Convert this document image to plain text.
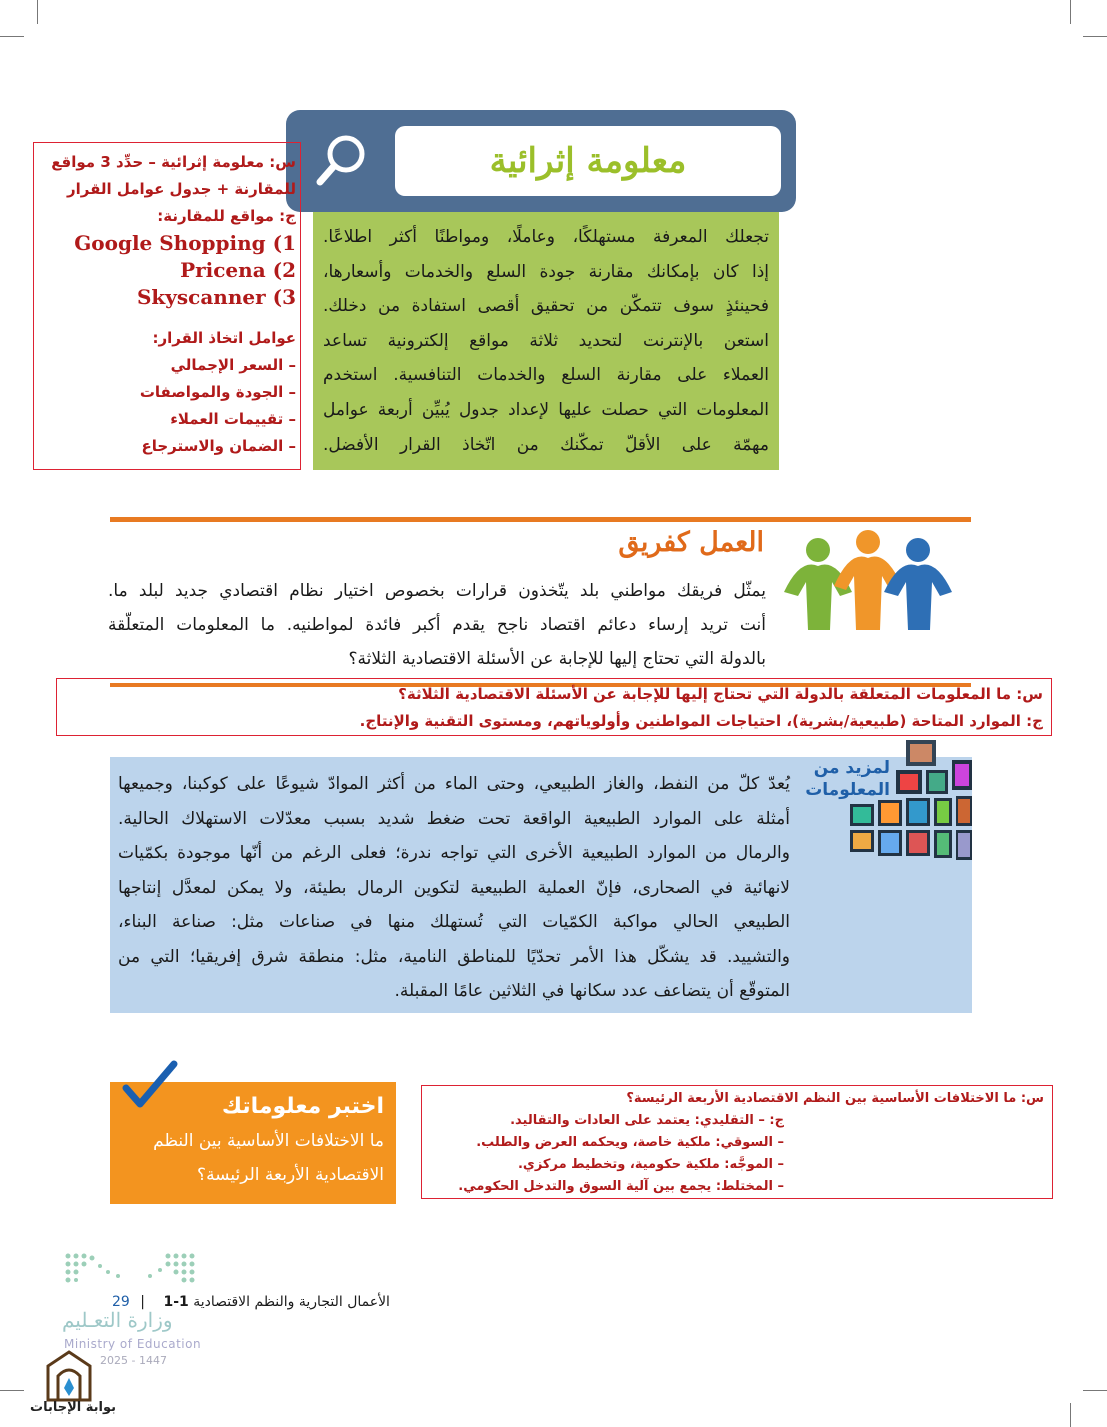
معلومة إثرائية

تجعلك المعرفة مستهلكًا، وعاملًا، ومواطنًا أكثر اطلاعًا.

إذا كان بإمكانك مقارنة جودة السلع والخدمات وأسعارها،

فحينئذٍ سوف تتمكّن من تحقيق أقصى استفادة من دخلك.

استعن بالإنترنت لتحديد ثلاثة مواقع إلكترونية تساعد

العملاء على مقارنة السلع والخدمات التنافسية. استخدم

المعلومات التي حصلت عليها لإعداد جدول يُبيِّن أربعة عوامل

مهمّة على الأقلّ تمكّنك من اتّخاذ القرار الأفضل.

س: معلومة إثرائية – حدِّد 3 مواقع
للمقارنة + جدول عوامل القرار
ج: مواقع للمقارنة:
Google Shopping (1
Pricena (2
Skyscanner (3
عوامل اتخاذ القرار:
– السعر الإجمالي
– الجودة والمواصفات
– تقييمات العملاء
– الضمان والاسترجاع
العمل كفريق

يمثّل فريقك مواطني بلد يتّخذون قرارات بخصوص اختيار نظام اقتصادي جديد لبلد ما.

أنت تريد إرساء دعائم اقتصاد ناجح يقدم أكبر فائدة لمواطنيه. ما المعلومات المتعلّقة

بالدولة التي تحتاج إليها للإجابة عن الأسئلة الاقتصادية الثلاثة؟

س: ما المعلومات المتعلقة بالدولة التي تحتاج إليها للإجابة عن الأسئلة الاقتصادية الثلاثة؟
ج: الموارد المتاحة (طبيعية/بشرية)، احتياجات المواطنين وأولوياتهم، ومستوى التقنية والإنتاج.

يُعدّ كلّ من النفط، والغاز الطبيعي، وحتى الماء من أكثر الموادّ شيوعًا على كوكبنا، وجميعها

أمثلة على الموارد الطبيعية الواقعة تحت ضغط شديد بسبب معدّلات الاستهلاك الحالية.

والرمال من الموارد الطبيعية الأخرى التي تواجه ندرة؛ فعلى الرغم من أنّها موجودة بكمّيات

لانهائية في الصحارى، فإنّ العملية الطبيعية لتكوين الرمال بطيئة، ولا يمكن لمعدَّل إنتاجها

الطبيعي الحالي مواكبة الكمّيات التي تُستهلك منها في صناعات مثل: صناعة البناء،

والتشييد. قد يشكّل هذا الأمر تحدّيًا للمناطق النامية، مثل: منطقة شرق إفريقيا؛ التي من

المتوقّع أن يتضاعف عدد سكانها في الثلاثين عامًا المقبلة.

لمزيد من
المعلومات
اختبر معلوماتك
ما الاختلافات الأساسية بين النظم
الاقتصادية الأربعة الرئيسة؟
س: ما الاختلافات الأساسية بين النظم الاقتصادية الأربعة الرئيسة؟
ج: – التقليدي: يعتمد على العادات والتقاليد.
– السوقي: ملكية خاصة، ويحكمه العرض والطلب.
– الموجَّه: ملكية حكومية، وتخطيط مركزي.
– المختلط: يجمع بين آلية السوق والتدخل الحكومي.
29 |	الأعمال التجارية والنظم الاقتصادية 1-1
وزارة التعـليم
Ministry of Education
2025 - 1447
بوابة الإجابات
